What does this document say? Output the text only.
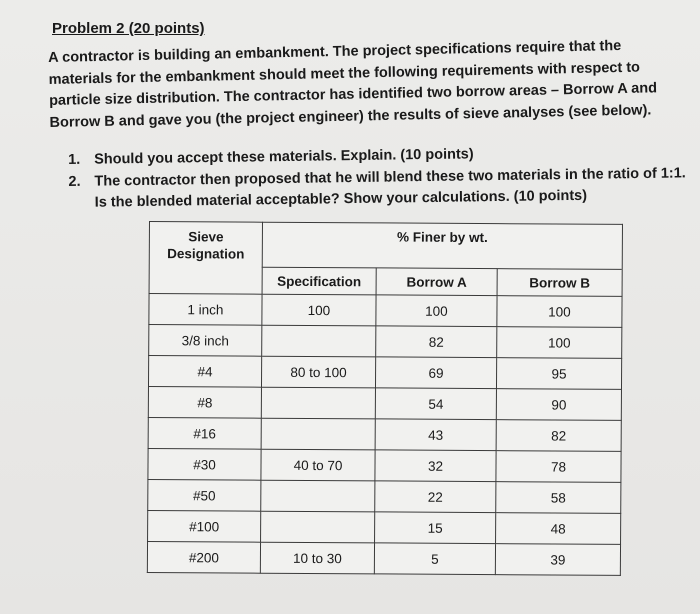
Problem 2 (20 points)
A contractor is building an embankment. The project specifications require that the materials for the embankment should meet the following requirements with respect to particle size distribution. The contractor has identified two borrow areas – Borrow A and Borrow B and gave you (the project engineer) the results of sieve analyses (see below).
1. Should you accept these materials. Explain. (10 points)
2. The contractor then proposed that he will blend these two materials in the ratio of 1:1. Is the blended material acceptable? Show your calculations. (10 points)
Sieve Designation	% Finer by wt.		
	Specification	Borrow A	Borrow B
1 inch	100	100	100
3/8 inch		82	100
#4	80 to 100	69	95
#8		54	90
#16		43	82
#30	40 to 70	32	78
#50		22	58
#100		15	48
#200	10 to 30	5	39
